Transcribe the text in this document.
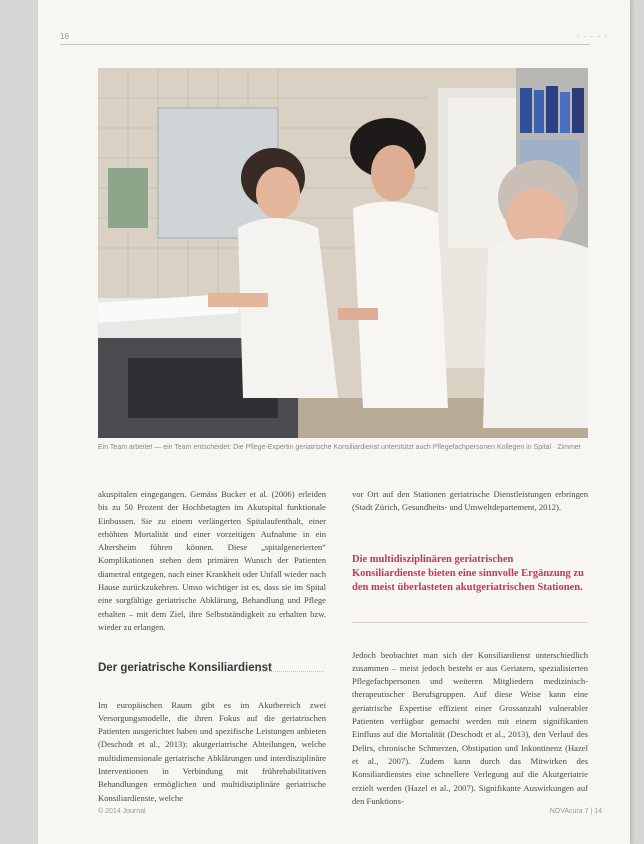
16	· · · · ·
Ein Team arbeitet — ein Team entscheidet: Die Pflege-Expertin geriatrische Konsiliardienst unterstützt auch Pflegefachpersonen Kollegen in Spital · Zimmer

akuspitalen eingegangen. Gemäss Bucker et al. (2006) erleiden bis zu 50 Prozent der Hochbetagten im Akutspital funktionale Einbussen. Sie zu einem verlängerten Spitalaufenthalt, einer erhöhten Mortalität und einer vorzeitigen Aufnahme in ein Altersheim führen können. Diese „spitalgenerierten“ Komplikationen stehen dem primären Wunsch der Patienten diametral entgegen, nach einer Krankheit oder Unfall wieder nach Hause zurückzukehren. Umso wichtiger ist es, dass sie im Spital eine sorgfältige geriatrische Abklärung, Behandlung und Pflege erhalten – mit dem Ziel, ihre Selbstständigkeit zu erhalten bzw. wieder zu erlangen.

Der geriatrische Konsiliardienst

Im europäischen Raum gibt es im Akutbereich zwei Versorgungsmodelle, die ihren Fokus auf die geriatrischen Patienten ausgerichtet haben und spezifische Leistungen anbieten (Deschodt et al., 2013): akutgeriatrische Abteilungen, welche multidimensionale geriatrische Abklärungen und interdisziplinäre Interventionen in Verbindung mit frührehabilitativen Behandlungen ermöglichen und multidisziplinäre geriatrische Konsiliardienste, welche

vor Ort auf den Stationen geriatrische Dienstleistungen erbringen (Stadt Zürich, Gesundheits- und Umweltdepartement, 2012).

Die multidisziplinären geriatrischen Konsiliardienste bieten eine sinnvolle Ergänzung zu den meist überlasteten akutgeriatrischen Stationen.

Jedoch beobachtet man sich der Konsiliardienst unterschiedlich zusammen – meist jedoch besteht er aus Geriatern, spezialisierten Pflegefachpersonen und weiteren Mitgliedern medizinisch-therapeutischer Berufsgruppen. Auf diese Weise kann eine geriatrische Expertise effizient einer Grossanzahl vulnerabler Patienten verfügbar gemacht werden mit einem signifikanten Einfluss auf die Mortalität (Deschodt et al., 2013), den Verlauf des Delirs, chronische Schmerzen, Obstipation und Inkontinenz (Hazel et al., 2007). Zudem kann durch das Mitwirken des Konsiliardienstes eine schnellere Verlegung auf die Akutgeriatrie erzielt werden (Hazel et al., 2007). Signifikante Auswirkungen auf den Funktions-

© 2014 Journal	NOVAcura 7 | 14
